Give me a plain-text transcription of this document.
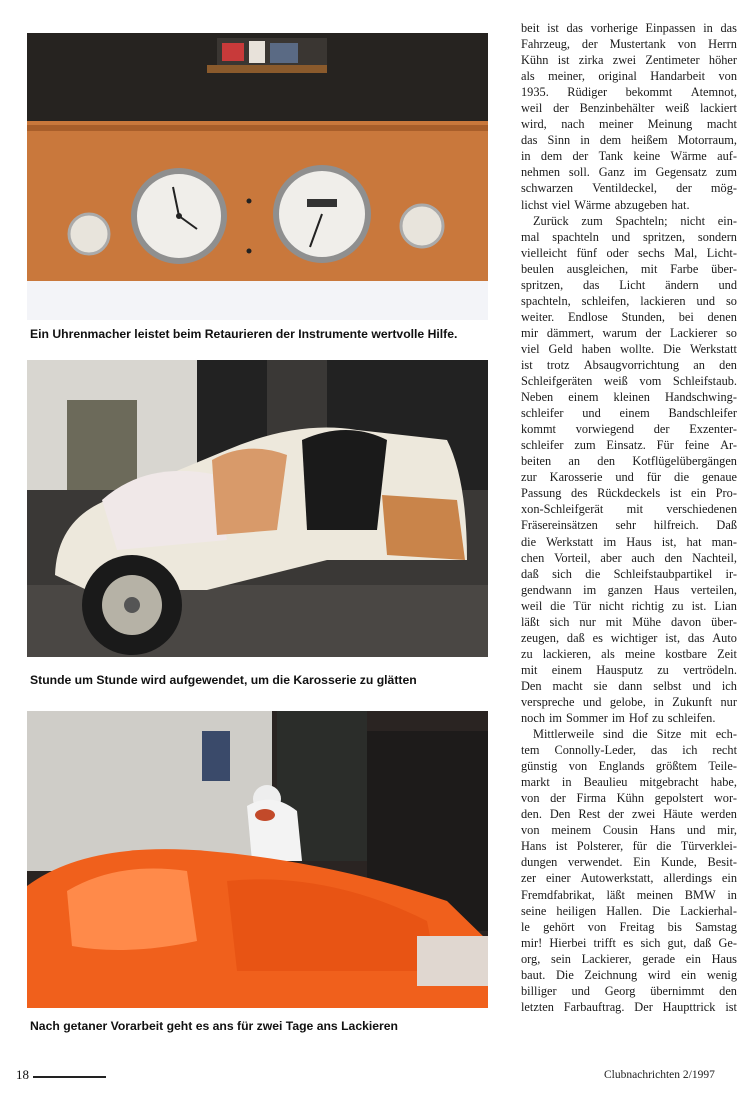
Ein Uhrenmacher leistet beim Retaurieren der Instrumente wertvolle Hilfe.
Stunde um Stunde wird aufgewendet, um die Karosserie zu glätten
Nach getaner Vorarbeit geht es ans für zwei Tage ans Lackieren
beit ist das vorherige Einpassen in das
Fahrzeug, der Mustertank von Herrn
Kühn ist zirka zwei Zentimeter höher
als meiner, original Handarbeit von
1935. Rüdiger bekommt Atemnot,
weil der Benzinbehälter weiß lackiert
wird, nach meiner Meinung macht
das Sinn in dem heißem Motorraum,
in dem der Tank keine Wärme auf-
nehmen soll. Ganz im Gegensatz zum
schwarzen Ventildeckel, der mög-
lichst viel Wärme abzugeben hat.
Zurück zum Spachteln; nicht ein-
mal spachteln und spritzen, sondern
vielleicht fünf oder sechs Mal, Licht-
beulen ausgleichen, mit Farbe über-
spritzen, das Licht ändern und
spachteln, schleifen, lackieren und so
weiter. Endlose Stunden, bei denen
mir dämmert, warum der Lackierer so
viel Geld haben wollte. Die Werkstatt
ist trotz Absaugvorrichtung an den
Schleifgeräten weiß vom Schleifstaub.
Neben einem kleinen Handschwing-
schleifer und einem Bandschleifer
kommt vorwiegend der Exzenter-
schleifer zum Einsatz. Für feine Ar-
beiten an den Kotflügelübergängen
zur Karosserie und für die genaue
Passung des Rückdeckels ist ein Pro-
xon-Schleifgerät mit verschiedenen
Fräsereinsätzen sehr hilfreich. Daß
die Werkstatt im Haus ist, hat man-
chen Vorteil, aber auch den Nachteil,
daß sich die Schleifstaubpartikel ir-
gendwann im ganzen Haus verteilen,
weil die Tür nicht richtig zu ist. Lian
läßt sich nur mit Mühe davon über-
zeugen, daß es wichtiger ist, das Auto
zu lackieren, als meine kostbare Zeit
mit einem Hausputz zu vertrödeln.
Den macht sie dann selbst und ich
verspreche und gelobe, in Zukunft nur
noch im Sommer im Hof zu schleifen.
Mittlerweile sind die Sitze mit ech-
tem Connolly-Leder, das ich recht
günstig von Englands größtem Teile-
markt in Beaulieu mitgebracht habe,
von der Firma Kühn gepolstert wor-
den. Den Rest der zwei Häute werden
von meinem Cousin Hans und mir,
Hans ist Polsterer, für die Türverklei-
dungen verwendet. Ein Kunde, Besit-
zer einer Autowerkstatt, allerdings ein
Fremdfabrikat, läßt meinen BMW in
seine heiligen Hallen. Die Lackierhal-
le gehört von Freitag bis Samstag
mir! Hierbei trifft es sich gut, daß Ge-
org, sein Lackierer, gerade ein Haus
baut. Die Zeichnung wird ein wenig
billiger und Georg übernimmt den
letzten Farbauftrag. Der Haupttrick ist
18	Clubnachrichten 2/1997
